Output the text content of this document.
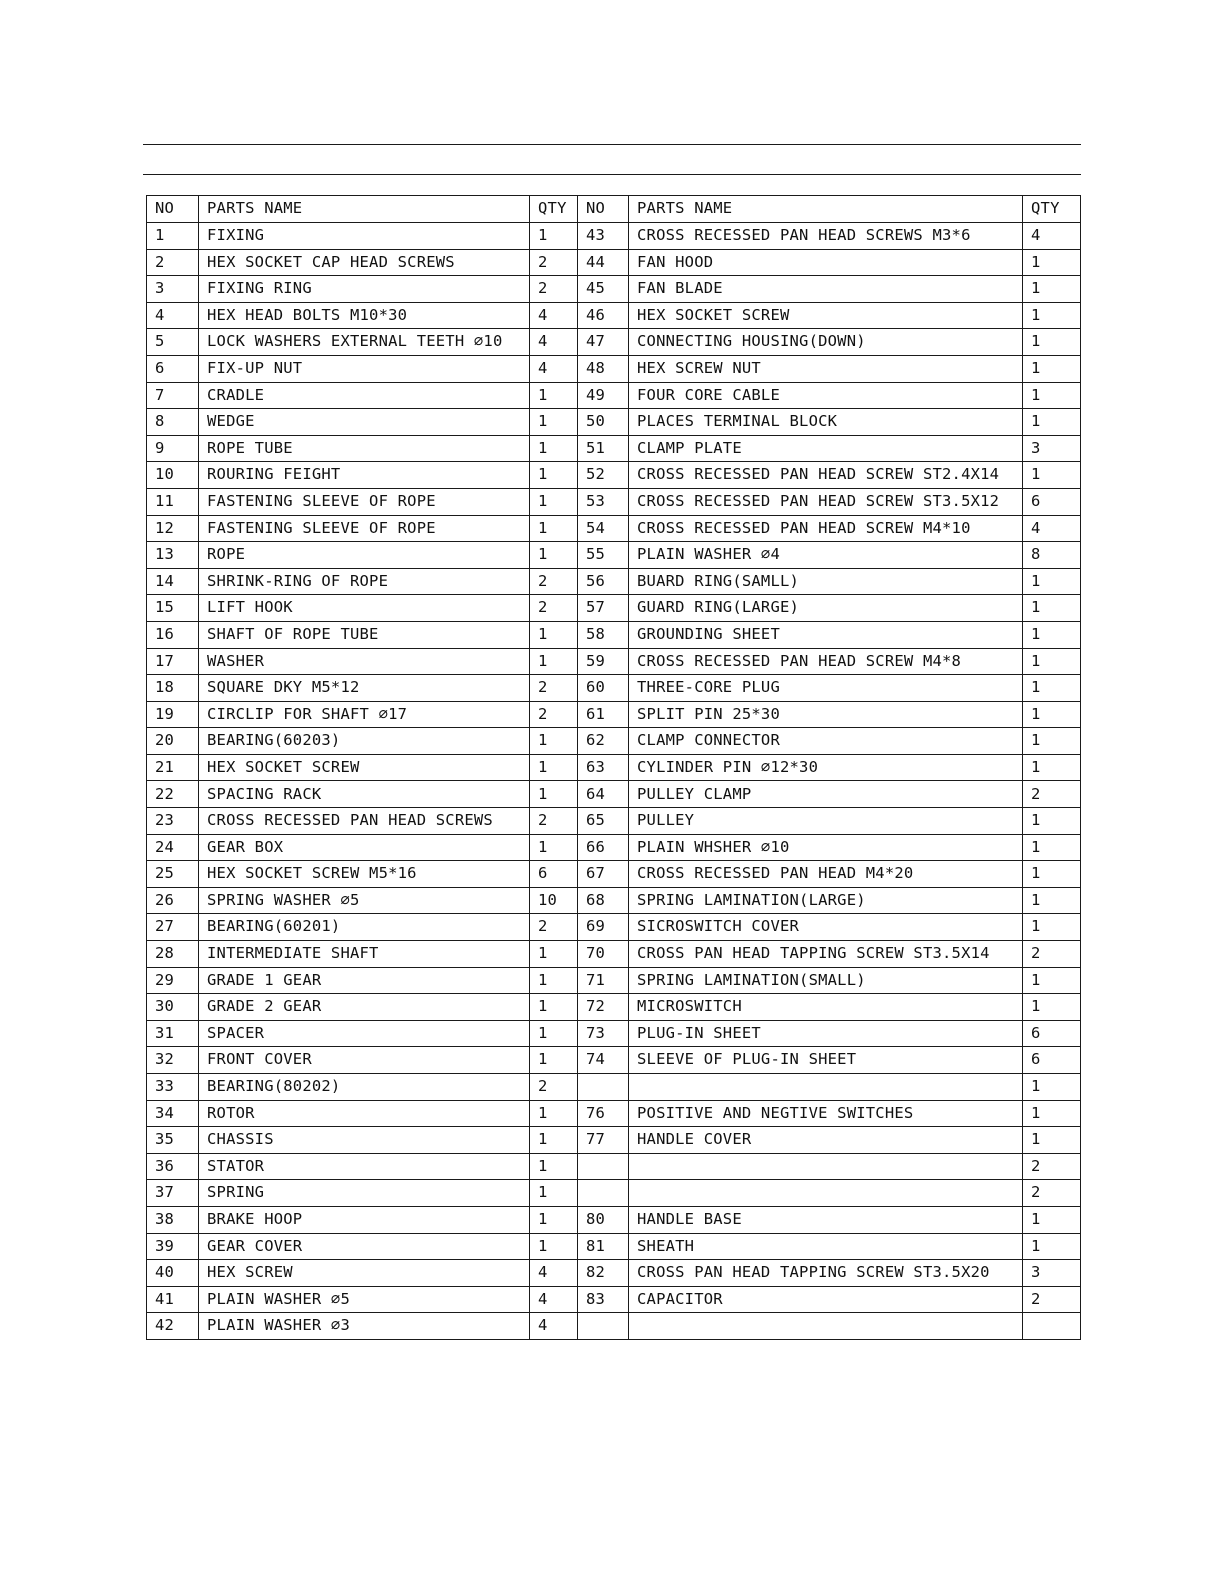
NO	PARTS NAME	QTY	NO	PARTS NAME	QTY
1	FIXING	1	43	CROSS RECESSED PAN HEAD SCREWS M3*6	4
2	HEX SOCKET CAP HEAD SCREWS	2	44	FAN HOOD	1
3	FIXING RING	2	45	FAN BLADE	1
4	HEX HEAD BOLTS M10*30	4	46	HEX SOCKET SCREW	1
5	LOCK WASHERS EXTERNAL TEETH ∅10	4	47	CONNECTING HOUSING(DOWN)	1
6	FIX-UP NUT	4	48	HEX SCREW NUT	1
7	CRADLE	1	49	FOUR CORE CABLE	1
8	WEDGE	1	50	PLACES TERMINAL BLOCK	1
9	ROPE TUBE	1	51	CLAMP PLATE	3
10	ROURING FEIGHT	1	52	CROSS RECESSED PAN HEAD SCREW ST2.4X14	1
11	FASTENING SLEEVE OF ROPE	1	53	CROSS RECESSED PAN HEAD SCREW ST3.5X12	6
12	FASTENING SLEEVE OF ROPE	1	54	CROSS RECESSED PAN HEAD SCREW M4*10	4
13	ROPE	1	55	PLAIN WASHER ∅4	8
14	SHRINK-RING OF ROPE	2	56	BUARD RING(SAMLL)	1
15	LIFT HOOK	2	57	GUARD RING(LARGE)	1
16	SHAFT OF ROPE TUBE	1	58	GROUNDING SHEET	1
17	WASHER	1	59	CROSS RECESSED PAN HEAD SCREW M4*8	1
18	SQUARE DKY M5*12	2	60	THREE-CORE PLUG	1
19	CIRCLIP FOR SHAFT ∅17	2	61	SPLIT PIN 25*30	1
20	BEARING(60203)	1	62	CLAMP CONNECTOR	1
21	HEX SOCKET SCREW	1	63	CYLINDER PIN ∅12*30	1
22	SPACING RACK	1	64	PULLEY CLAMP	2
23	CROSS RECESSED PAN HEAD SCREWS	2	65	PULLEY	1
24	GEAR BOX	1	66	PLAIN WHSHER ∅10	1
25	HEX SOCKET SCREW M5*16	6	67	CROSS RECESSED PAN HEAD M4*20	1
26	SPRING WASHER ∅5	10	68	SPRING LAMINATION(LARGE)	1
27	BEARING(60201)	2	69	SICROSWITCH COVER	1
28	INTERMEDIATE SHAFT	1	70	CROSS PAN HEAD TAPPING SCREW ST3.5X14	2
29	GRADE 1 GEAR	1	71	SPRING LAMINATION(SMALL)	1
30	GRADE 2 GEAR	1	72	MICROSWITCH	1
31	SPACER	1	73	PLUG-IN SHEET	6
32	FRONT COVER	1	74	SLEEVE OF PLUG-IN SHEET	6
33	BEARING(80202)	2			1
34	ROTOR	1	76	POSITIVE AND NEGTIVE SWITCHES	1
35	CHASSIS	1	77	HANDLE COVER	1
36	STATOR	1			2
37	SPRING	1			2
38	BRAKE HOOP	1	80	HANDLE BASE	1
39	GEAR COVER	1	81	SHEATH	1
40	HEX SCREW	4	82	CROSS PAN HEAD TAPPING SCREW ST3.5X20	3
41	PLAIN WASHER ∅5	4	83	CAPACITOR	2
42	PLAIN WASHER ∅3	4			
